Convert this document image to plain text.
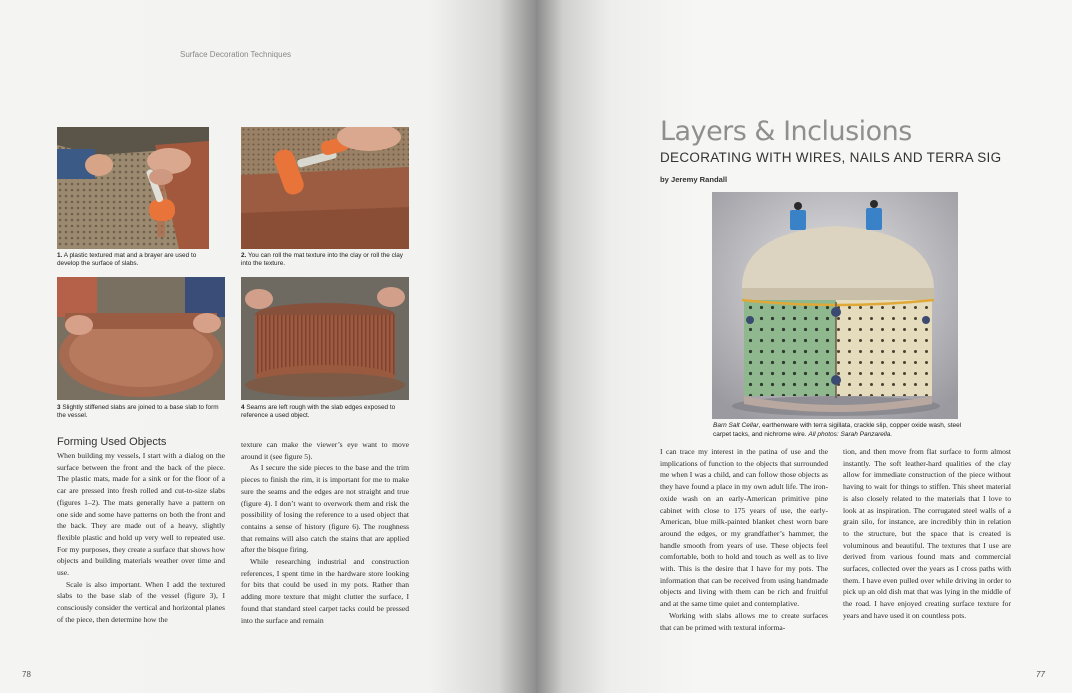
Surface Decoration Techniques
1. A plastic textured mat and a brayer are used to develop the surface of slabs.
2. You can roll the mat texture into the clay or roll the clay into the texture.
3 Slightly stiffened slabs are joined to a base slab to form the vessel.
4 Seams are left rough with the slab edges exposed to reference a used object.
Forming Used Objects

When building my vessels, I start with a dialog on the surface between the front and the back of the piece. The plastic mats, made for a sink or for the floor of a car are pressed into fresh rolled and cut-to-size slabs (figures 1–2). The mats generally have a pattern on one side and some have patterns on both the front and the back. They are made out of a heavy, slightly flexible plastic and hold up very well to repeated use. For my purposes, they create a surface that shows how objects and building materials weather over time and use.

Scale is also important. When I add the textured slabs to the base slab of the vessel (figure 3), I consciously consider the vertical and horizontal planes of the piece, then determine how the

texture can make the viewer’s eye want to move around it (see figure 5).

As I secure the side pieces to the base and the trim pieces to finish the rim, it is important for me to make sure the seams and the edges are not straight and true (figure 4). I don’t want to overwork them and risk the possibility of losing the reference to a used object that contains a sense of history (figure 6). The roughness that remains will also catch the stains that are applied after the bisque firing.

While researching industrial and construction references, I spent time in the hardware store looking for bits that could be used in my pots. Rather than adding more texture that might clutter the surface, I found that standard steel carpet tacks could be pressed into the surface and remain

78
Layers & Inclusions
DECORATING WITH WIRES, NAILS AND TERRA SIG
by Jeremy Randall
Barn Salt Cellar, earthenware with terra sigillata, crackle slip, copper oxide wash, steel carpet tacks, and nichrome wire. All photos: Sarah Panzarella.

I can trace my interest in the patina of use and the implications of function to the objects that surrounded me when I was a child, and can follow those objects as they have found a place in my own adult life. The iron-oxide wash on an early-American primitive pine cabinet with close to 175 years of use, the early-American, blue milk-painted blanket chest worn bare around the edges, or my grandfather’s hammer, the handle smooth from years of use. These objects feel comfortable, both to hold and touch as well as to live with. This is the desire that I have for my pots. The information that can be received from using handmade objects and living with them can be rich and fruitful and at the same time quiet and contemplative.

Working with slabs allows me to create surfaces that can be primed with textural informa-

tion, and then move from flat surface to form almost instantly. The soft leather-hard qualities of the clay allow for immediate construction of the piece without having to wait for things to stiffen. This sheet material is also closely related to the materials that I love to look at as inspiration. The corrugated steel walls of a grain silo, for instance, are incredibly thin in relation to the structure, but the space that is created is voluminous and beautiful. The textures that I use are derived from various found mats and commercial surfaces, collected over the years as I cross paths with them. I have even pulled over while driving in order to pick up an old dish mat that was lying in the middle of the road. I have enjoyed creating surface texture for years and have used it on countless pots.

77
